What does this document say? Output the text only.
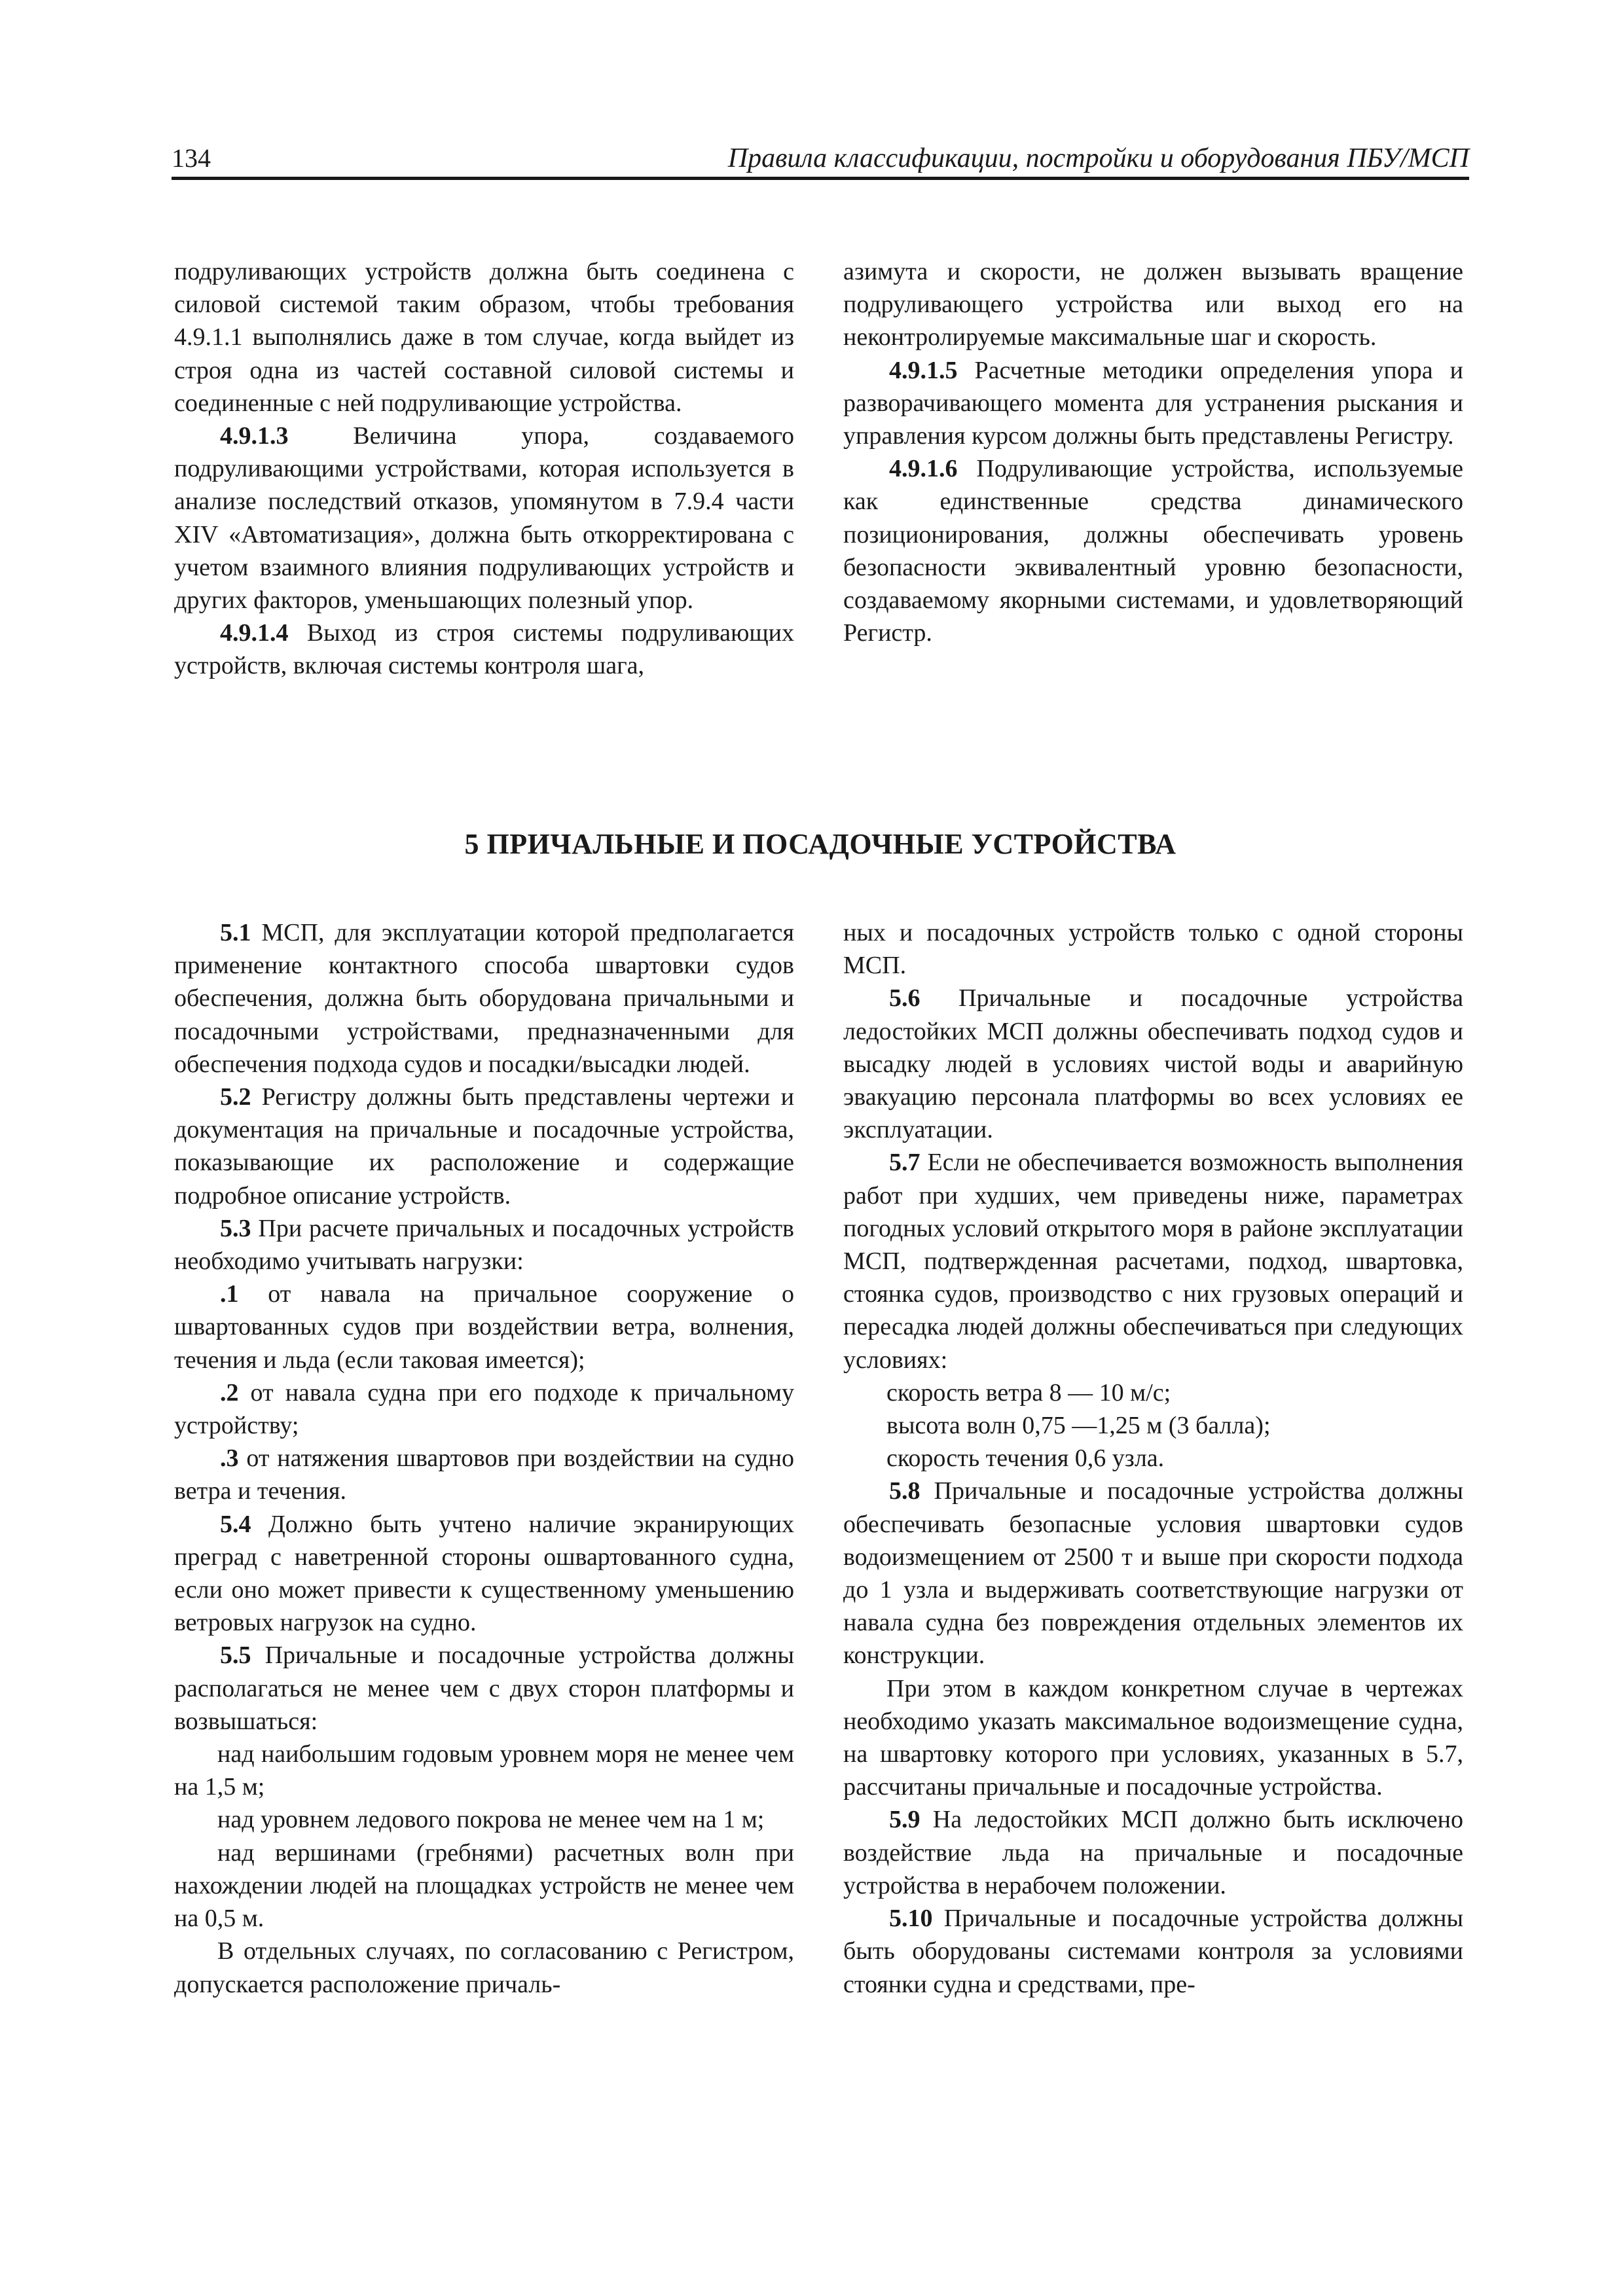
134	Правила классификации, постройки и оборудования ПБУ/МСП

подруливающих устройств должна быть соединена с силовой системой таким образом, чтобы требования 4.9.1.1 выполнялись даже в том случае, когда выйдет из строя одна из частей составной силовой системы и соединенные с ней подруливающие устройства.

4.9.1.3 Величина упора, создаваемого подруливающими устройствами, которая используется в анализе последствий отказов, упомянутом в 7.9.4 части XIV «Автоматизация», должна быть откорректирована с учетом взаимного влияния подруливающих устройств и других факторов, уменьшающих полезный упор.

4.9.1.4 Выход из строя системы подруливающих устройств, включая системы контроля шага,

азимута и скорости, не должен вызывать вращение подруливающего устройства или выход его на неконтролируемые максимальные шаг и скорость.

4.9.1.5 Расчетные методики определения упора и разворачивающего момента для устранения рыскания и управления курсом должны быть представлены Регистру.

4.9.1.6 Подруливающие устройства, используемые как единственные средства динамического позиционирования, должны обеспечивать уровень безопасности эквивалентный уровню безопасности, создаваемому якорными системами, и удовлетворяющий Регистр.

5 ПРИЧАЛЬНЫЕ И ПОСАДОЧНЫЕ УСТРОЙСТВА

5.1 МСП, для эксплуатации которой предполагается применение контактного способа швартовки судов обеспечения, должна быть оборудована причальными и посадочными устройствами, предназначенными для обеспечения подхода судов и посадки/высадки людей.

5.2 Регистру должны быть представлены чертежи и документация на причальные и посадочные устройства, показывающие их расположение и содержащие подробное описание устройств.

5.3 При расчете причальных и посадочных устройств необходимо учитывать нагрузки:

.1 от навала на причальное сооружение о швартованных судов при воздействии ветра, волнения, течения и льда (если таковая имеется);

.2 от навала судна при его подходе к причальному устройству;

.3 от натяжения швартовов при воздействии на судно ветра и течения.

5.4 Должно быть учтено наличие экранирующих преград с наветренной стороны ошвартованного судна, если оно может привести к существенному уменьшению ветровых нагрузок на судно.

5.5 Причальные и посадочные устройства должны располагаться не менее чем с двух сторон платформы и возвышаться:

над наибольшим годовым уровнем моря не менее чем на 1,5 м;

над уровнем ледового покрова не менее чем на 1 м;

над вершинами (гребнями) расчетных волн при нахождении людей на площадках устройств не менее чем на 0,5 м.

В отдельных случаях, по согласованию с Регистром, допускается расположение причаль-

ных и посадочных устройств только с одной стороны МСП.

5.6 Причальные и посадочные устройства ледостойких МСП должны обеспечивать подход судов и высадку людей в условиях чистой воды и аварийную эвакуацию персонала платформы во всех условиях ее эксплуатации.

5.7 Если не обеспечивается возможность выполнения работ при худших, чем приведены ниже, параметрах погодных условий открытого моря в районе эксплуатации МСП, подтвержденная расчетами, подход, швартовка, стоянка судов, производство с них грузовых операций и пересадка людей должны обеспечиваться при следующих условиях:

скорость ветра 8 — 10 м/с;

высота волн 0,75 —1,25 м (3 балла);

скорость течения 0,6 узла.

5.8 Причальные и посадочные устройства должны обеспечивать безопасные условия швартовки судов водоизмещением от 2500 т и выше при скорости подхода до 1 узла и выдерживать соответствующие нагрузки от навала судна без повреждения отдельных элементов их конструкции.

При этом в каждом конкретном случае в чертежах необходимо указать максимальное водоизмещение судна, на швартовку которого при условиях, указанных в 5.7, рассчитаны причальные и посадочные устройства.

5.9 На ледостойких МСП должно быть исключено воздействие льда на причальные и посадочные устройства в нерабочем положении.

5.10 Причальные и посадочные устройства должны быть оборудованы системами контроля за условиями стоянки судна и средствами, пре-
